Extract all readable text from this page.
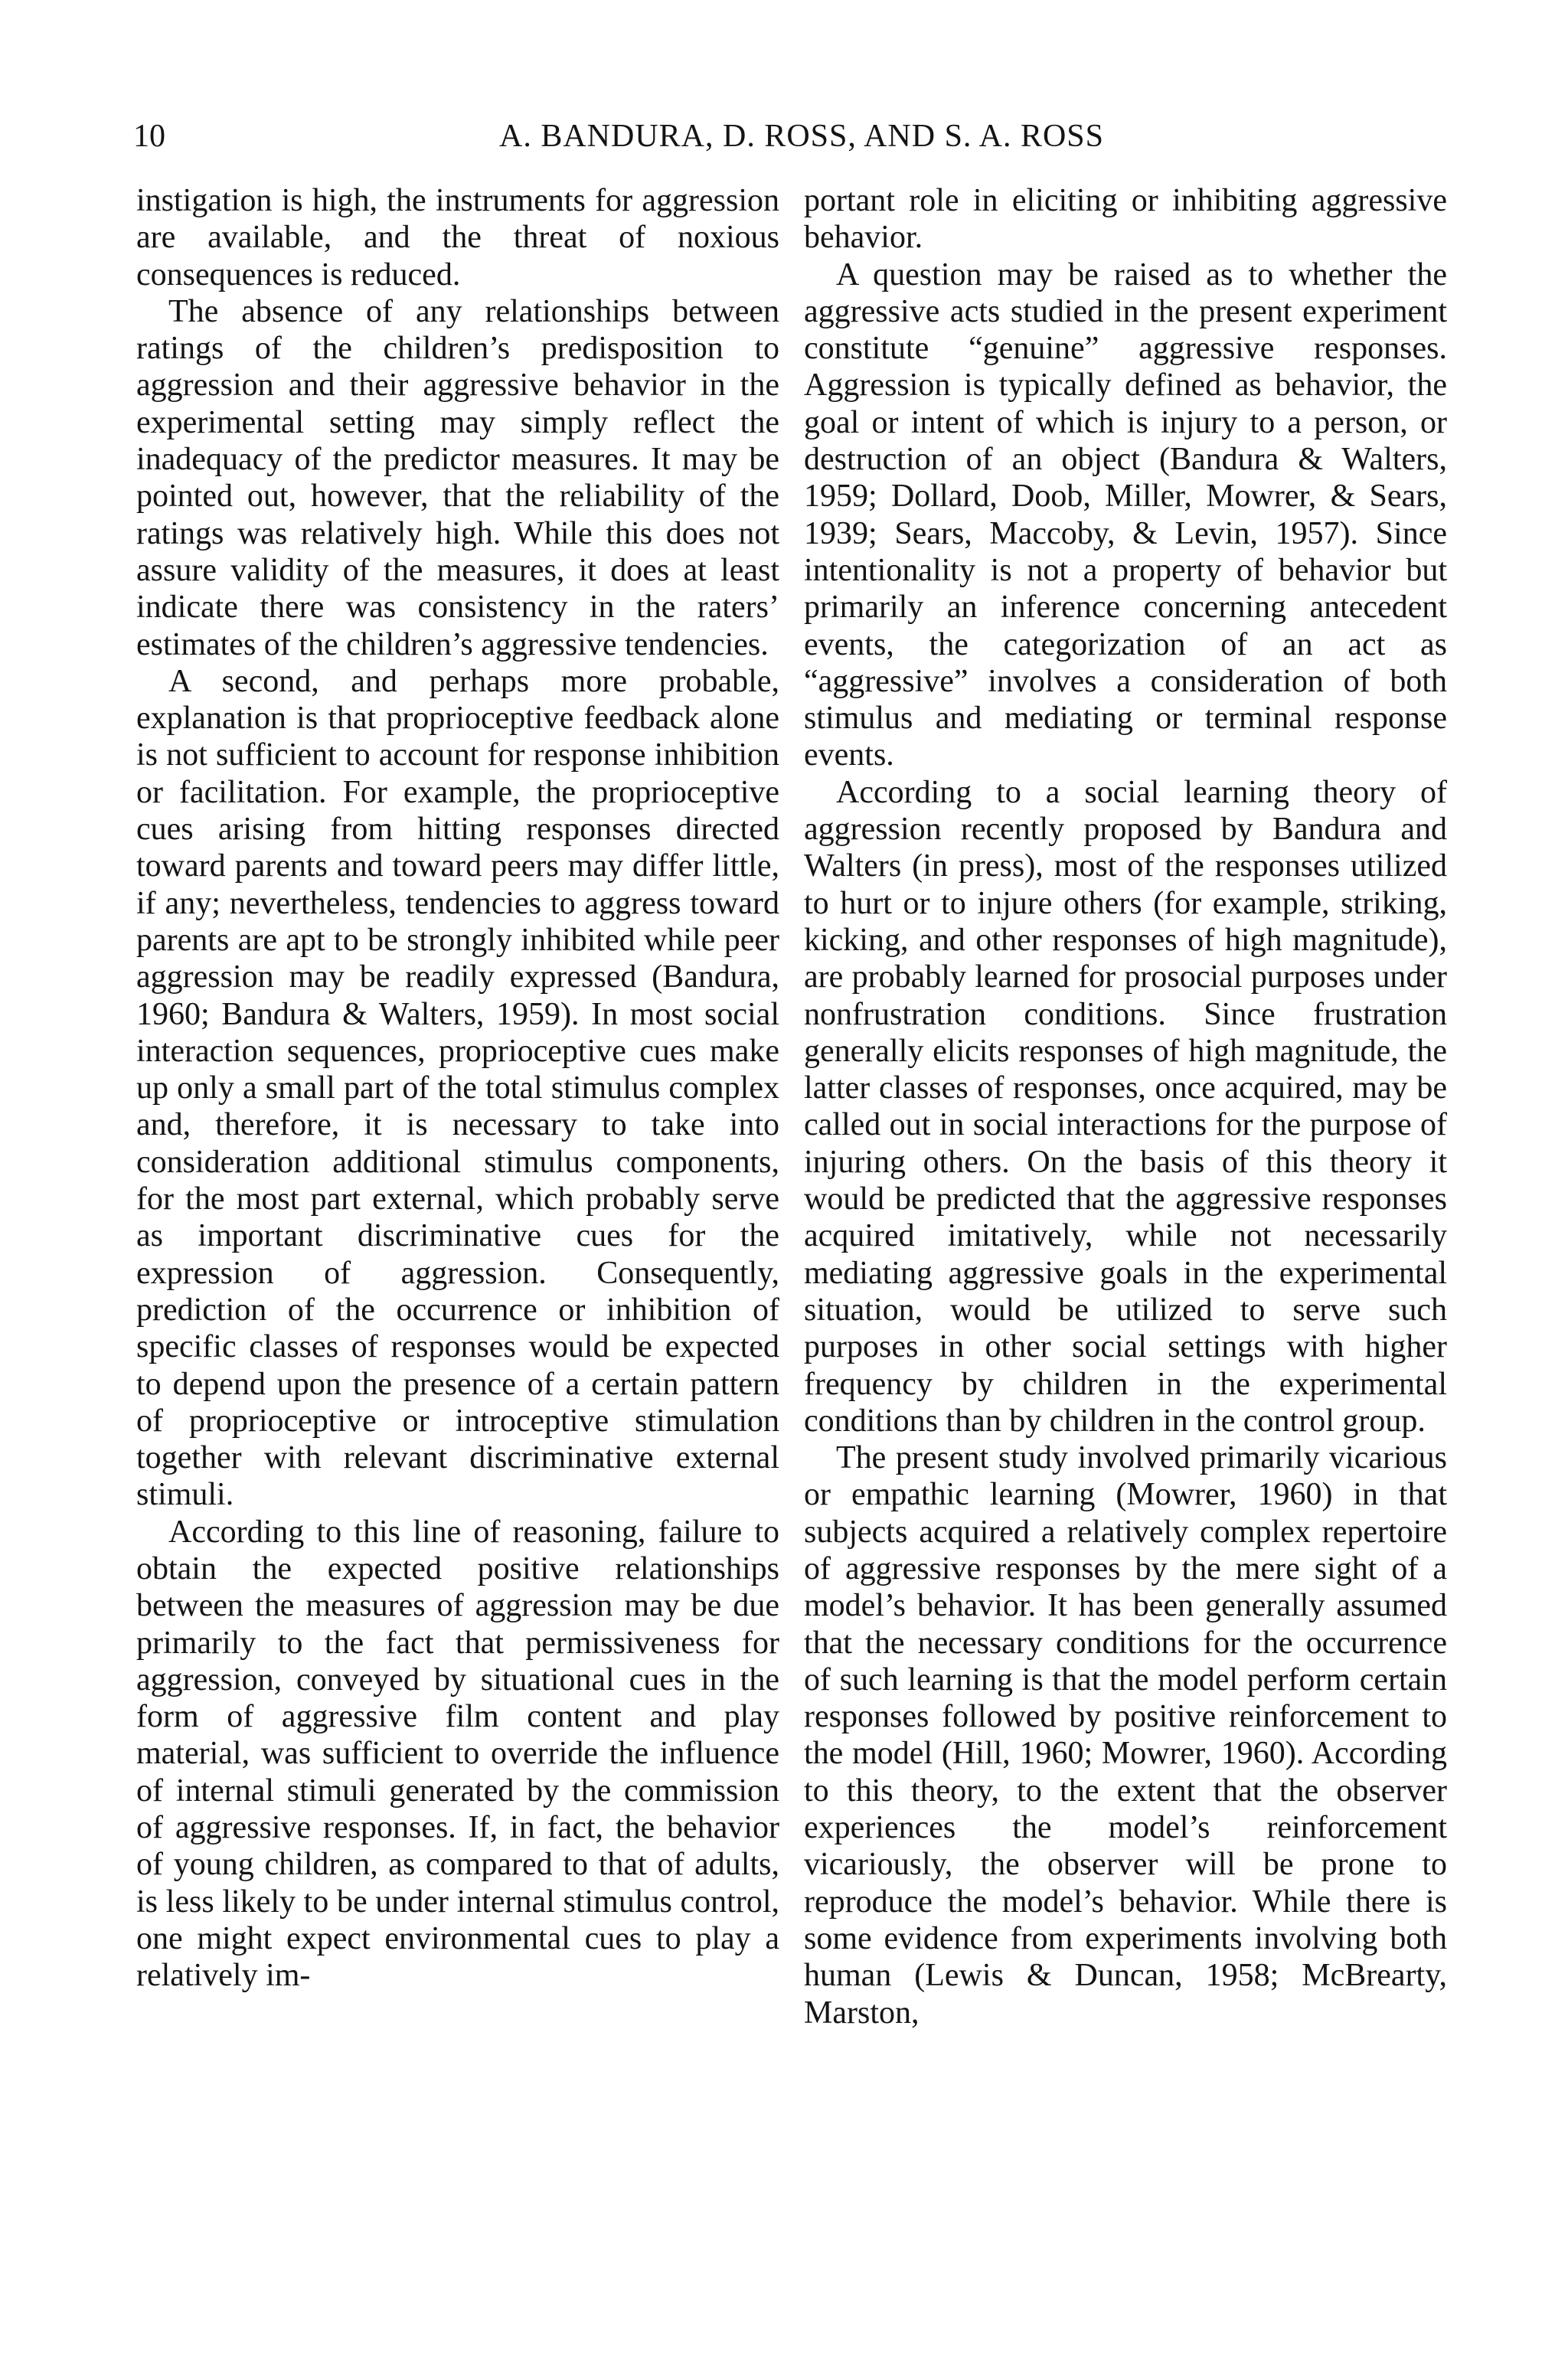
10	A. BANDURA, D. ROSS, AND S. A. ROSS

instigation is high, the instruments for aggression are available, and the threat of noxious consequences is reduced.

The absence of any relationships between ratings of the children’s predisposition to aggression and their aggressive behavior in the experimental setting may simply reflect the inadequacy of the predictor measures. It may be pointed out, however, that the reliability of the ratings was relatively high. While this does not assure validity of the measures, it does at least indicate there was consistency in the raters’ estimates of the children’s aggressive tendencies.

A second, and perhaps more probable, explanation is that proprioceptive feedback alone is not sufficient to account for response inhibition or facilitation. For example, the proprioceptive cues arising from hitting responses directed toward parents and toward peers may differ little, if any; nevertheless, tendencies to aggress toward parents are apt to be strongly inhibited while peer aggression may be readily expressed (Bandura, 1960; Bandura & Walters, 1959). In most social interaction sequences, proprioceptive cues make up only a small part of the total stimulus complex and, therefore, it is necessary to take into consideration additional stimulus components, for the most part external, which probably serve as important discriminative cues for the expression of aggression. Consequently, prediction of the occurrence or inhibition of specific classes of responses would be expected to depend upon the presence of a certain pattern of proprioceptive or introceptive stimulation together with relevant discriminative external stimuli.

According to this line of reasoning, failure to obtain the expected positive relationships between the measures of aggression may be due primarily to the fact that permissiveness for aggression, conveyed by situational cues in the form of aggressive film content and play material, was sufficient to override the influence of internal stimuli generated by the commission of aggressive responses. If, in fact, the behavior of young children, as compared to that of adults, is less likely to be under internal stimulus control, one might expect environmental cues to play a relatively im-

portant role in eliciting or inhibiting aggressive behavior.

A question may be raised as to whether the aggressive acts studied in the present experiment constitute “genuine” aggressive responses. Aggression is typically defined as behavior, the goal or intent of which is injury to a person, or destruction of an object (Bandura & Walters, 1959; Dollard, Doob, Miller, Mowrer, & Sears, 1939; Sears, Maccoby, & Levin, 1957). Since intentionality is not a property of behavior but primarily an inference concerning antecedent events, the categorization of an act as “aggressive” involves a consideration of both stimulus and mediating or terminal response events.

According to a social learning theory of aggression recently proposed by Bandura and Walters (in press), most of the responses utilized to hurt or to injure others (for example, striking, kicking, and other responses of high magnitude), are probably learned for prosocial purposes under nonfrustration conditions. Since frustration generally elicits responses of high magnitude, the latter classes of responses, once acquired, may be called out in social interactions for the purpose of injuring others. On the basis of this theory it would be predicted that the aggressive responses acquired imitatively, while not necessarily mediating aggressive goals in the experimental situation, would be utilized to serve such purposes in other social settings with higher frequency by children in the experimental conditions than by children in the control group.

The present study involved primarily vicarious or empathic learning (Mowrer, 1960) in that subjects acquired a relatively complex repertoire of aggressive responses by the mere sight of a model’s behavior. It has been generally assumed that the necessary conditions for the occurrence of such learning is that the model perform certain responses followed by positive reinforcement to the model (Hill, 1960; Mowrer, 1960). According to this theory, to the extent that the observer experiences the model’s reinforcement vicariously, the observer will be prone to reproduce the model’s behavior. While there is some evidence from experiments involving both human (Lewis & Duncan, 1958; McBrearty, Marston,
